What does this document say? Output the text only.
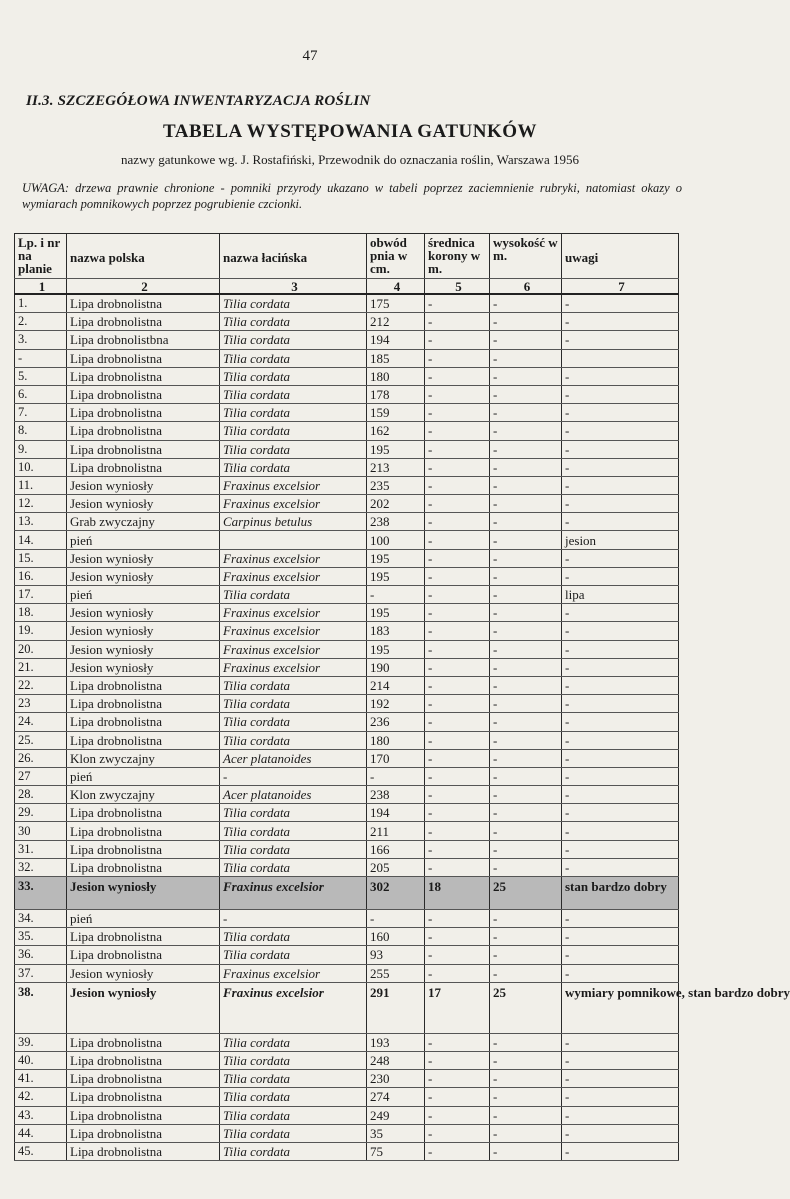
47
II.3. SZCZEGÓŁOWA INWENTARYZACJA ROŚLIN
TABELA WYSTĘPOWANIA GATUNKÓW
nazwy gatunkowe wg. J. Rostafiński, Przewodnik do oznaczania roślin, Warszawa 1956
UWAGA: drzewa prawnie chronione - pomniki przyrody ukazano w tabeli poprzez zaciemnienie rubryki, natomiast okazy o wymiarach pomnikowych poprzez pogrubienie czcionki.
Lp. i nr na planie	nazwa polska	nazwa łacińska	obwód pnia w cm.	średnica korony w m.	wysokość w m.	uwagi
1	2	3	4	5	6	7
1.	Lipa drobnolistna	Tilia cordata	175	-	-	-
2.	Lipa drobnolistna	Tilia cordata	212	-	-	-
3.	Lipa drobnolistbna	Tilia cordata	194	-	-	-
-	Lipa drobnolistna	Tilia cordata	185	-	-	
5.	Lipa drobnolistna	Tilia cordata	180	-	-	-
6.	Lipa drobnolistna	Tilia cordata	178	-	-	-
7.	Lipa drobnolistna	Tilia cordata	159	-	-	-
8.	Lipa drobnolistna	Tilia cordata	162	-	-	-
9.	Lipa drobnolistna	Tilia cordata	195	-	-	-
10.	Lipa drobnolistna	Tilia cordata	213	-	-	-
11.	Jesion wyniosły	Fraxinus excelsior	235	-	-	-
12.	Jesion wyniosły	Fraxinus excelsior	202	-	-	-
13.	Grab zwyczajny	Carpinus betulus	238	-	-	-
14.	pień		100	-	-	jesion
15.	Jesion wyniosły	Fraxinus excelsior	195	-	-	-
16.	Jesion wyniosły	Fraxinus excelsior	195	-	-	-
17.	pień	Tilia cordata	-	-	-	lipa
18.	Jesion wyniosły	Fraxinus excelsior	195	-	-	-
19.	Jesion wyniosły	Fraxinus excelsior	183	-	-	-
20.	Jesion wyniosły	Fraxinus excelsior	195	-	-	-
21.	Jesion wyniosły	Fraxinus excelsior	190	-	-	-
22.	Lipa drobnolistna	Tilia cordata	214	-	-	-
23	Lipa drobnolistna	Tilia cordata	192	-	-	-
24.	Lipa drobnolistna	Tilia cordata	236	-	-	-
25.	Lipa drobnolistna	Tilia cordata	180	-	-	-
26.	Klon zwyczajny	Acer platanoides	170	-	-	-
27	pień	-	-	-	-	-
28.	Klon zwyczajny	Acer platanoides	238	-	-	-
29.	Lipa drobnolistna	Tilia cordata	194	-	-	-
30	Lipa drobnolistna	Tilia cordata	211	-	-	-
31.	Lipa drobnolistna	Tilia cordata	166	-	-	-
32.	Lipa drobnolistna	Tilia cordata	205	-	-	-
33.	Jesion wyniosły	Fraxinus excelsior	302	18	25	stan bardzo dobry
34.	pień	-	-	-	-	-
35.	Lipa drobnolistna	Tilia cordata	160	-	-	-
36.	Lipa drobnolistna	Tilia cordata	93	-	-	-
37.	Jesion wyniosły	Fraxinus excelsior	255	-	-	-
38.	Jesion wyniosły	Fraxinus excelsior	291	17	25	wymiary pomnikowe, stan bardzo dobry
39.	Lipa drobnolistna	Tilia cordata	193	-	-	-
40.	Lipa drobnolistna	Tilia cordata	248	-	-	-
41.	Lipa drobnolistna	Tilia cordata	230	-	-	-
42.	Lipa drobnolistna	Tilia cordata	274	-	-	-
43.	Lipa drobnolistna	Tilia cordata	249	-	-	-
44.	Lipa drobnolistna	Tilia cordata	35	-	-	-
45.	Lipa drobnolistna	Tilia cordata	75	-	-	-
